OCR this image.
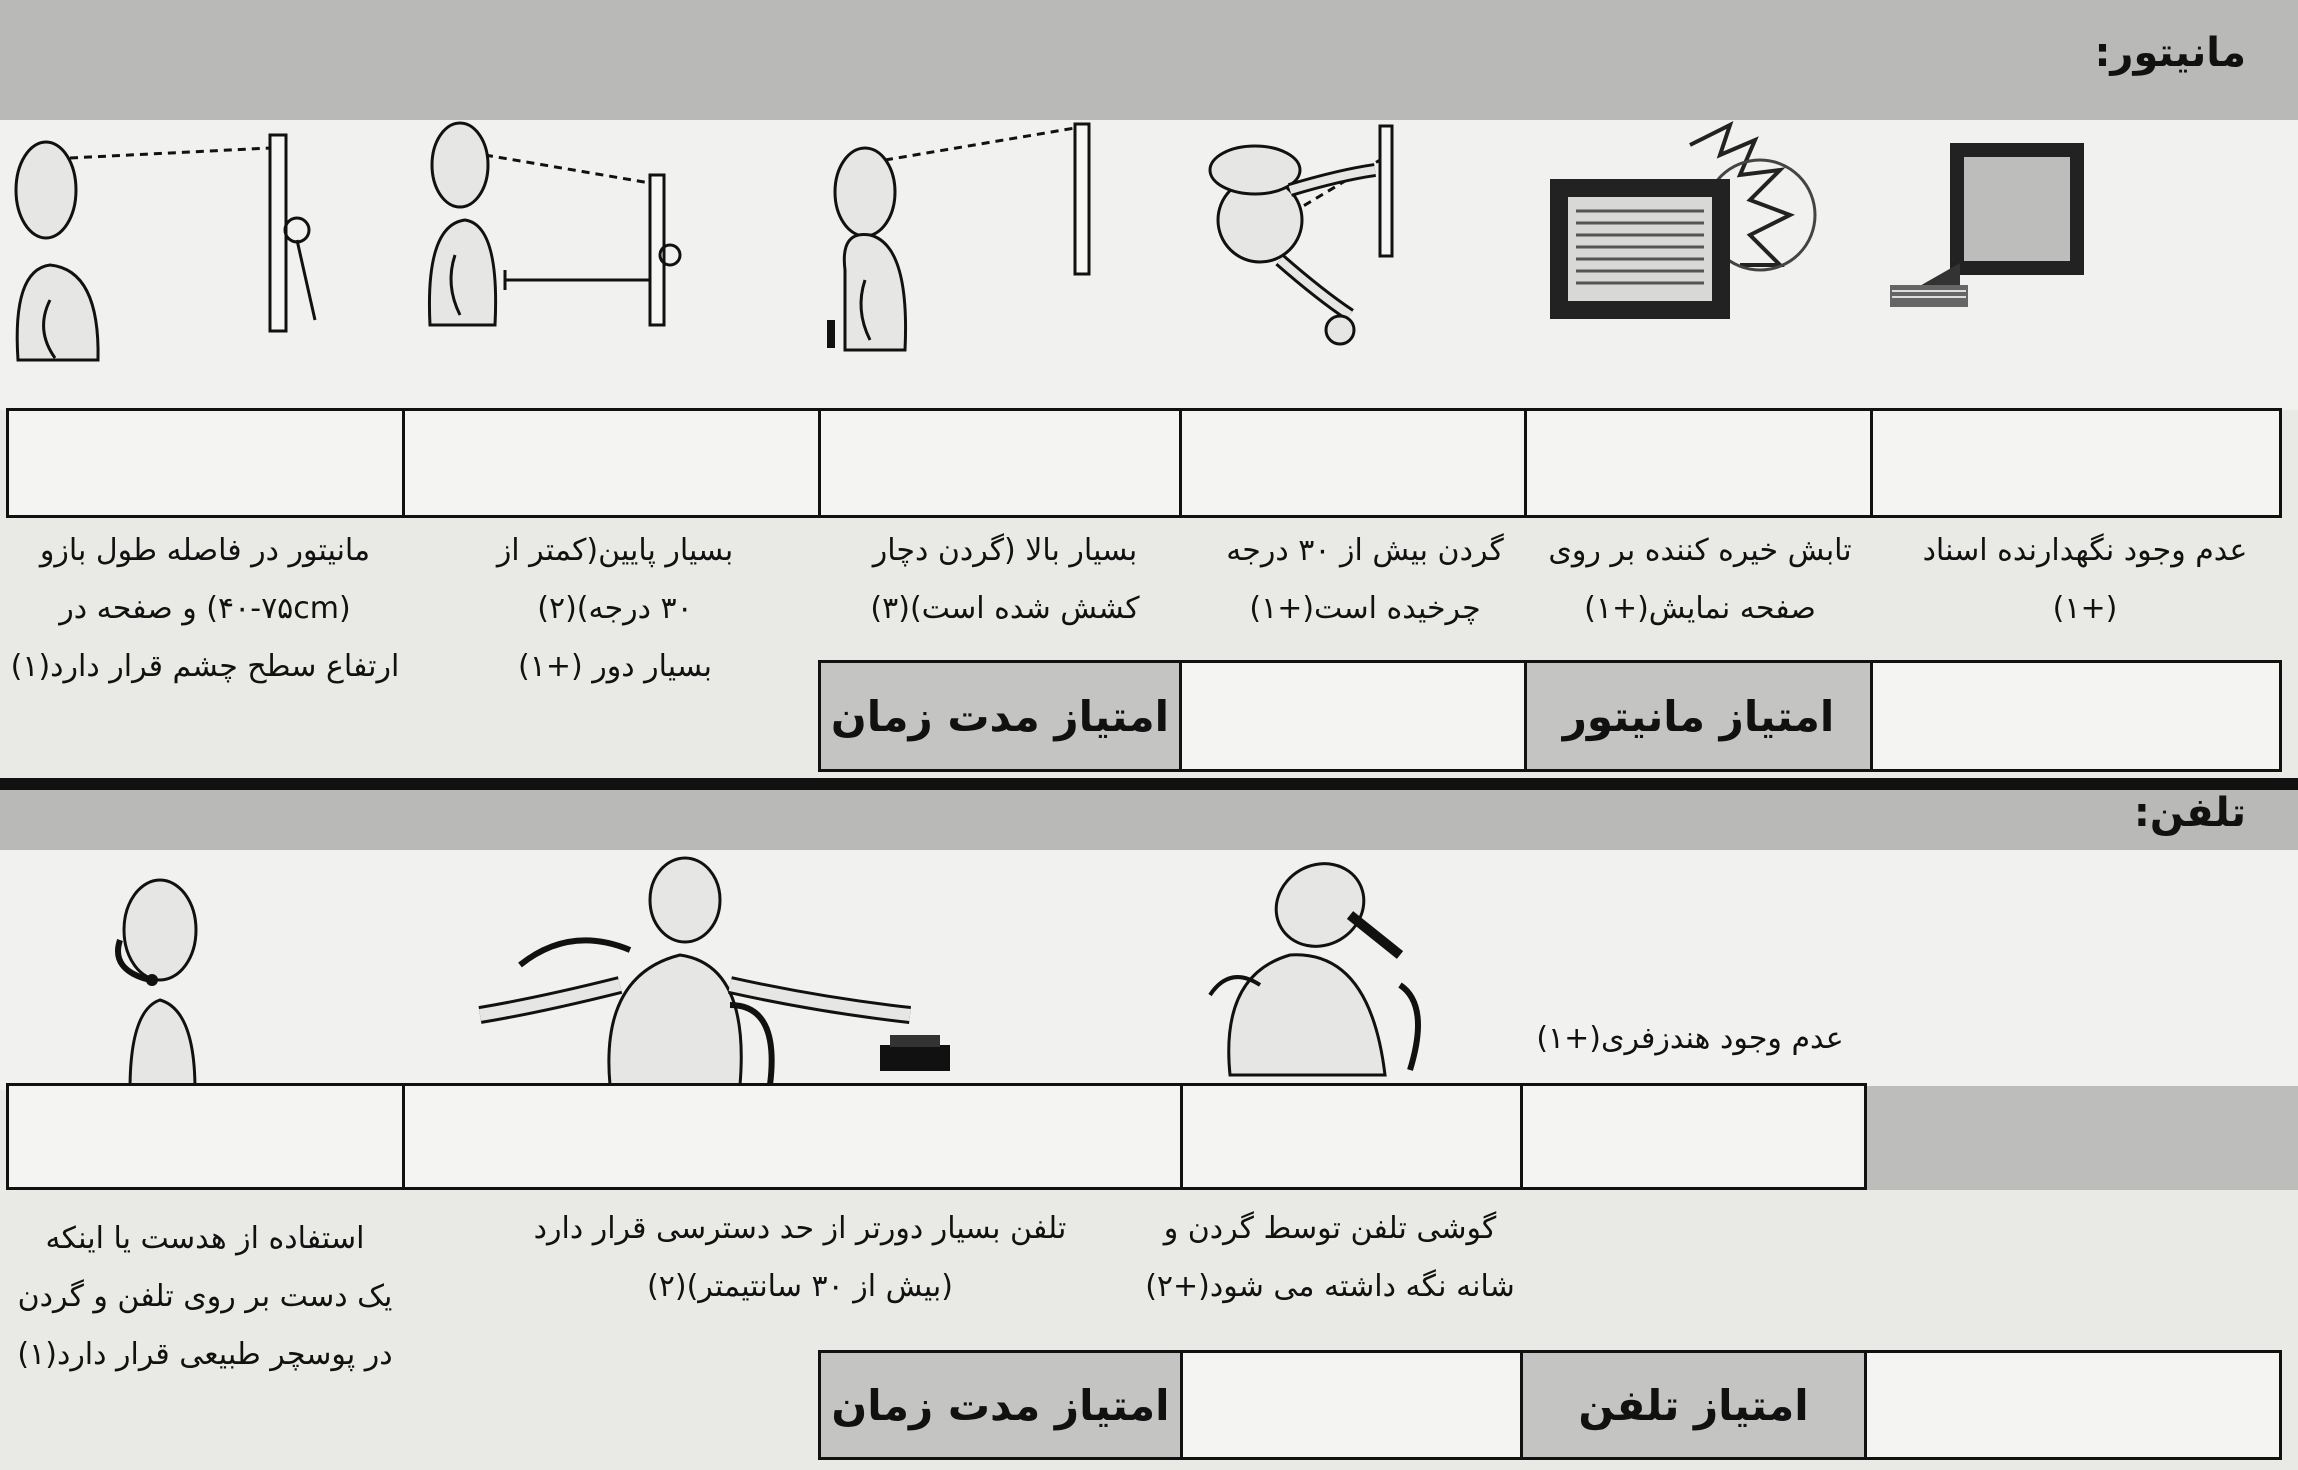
مانیتور:
عدم وجود نگهدارنده اسناد
(+۱)
تابش خیره کننده بر روی
صفحه نمایش(+۱)
گردن بیش از ۳۰ درجه
چرخیده است(+۱)
بسیار بالا (گردن دچار
کشش شده است)(۳)
بسیار پایین(کمتر از
۳۰ درجه)(۲)
بسیار دور (+۱)
مانیتور در فاصله طول بازو
(۴۰-۷۵cm) و صفحه در
ارتفاع سطح چشم قرار دارد(۱)
امتیاز مانیتور
امتیاز مدت زمان
تلفن:
عدم وجود هندزفری(+۱)
گوشی تلفن توسط گردن و
شانه نگه داشته می شود(+۲)
تلفن بسیار دورتر از حد دسترسی قرار دارد
(بیش از ۳۰ سانتیمتر)(۲)
استفاده از هدست یا اینکه
یک دست بر روی تلفن و گردن
در پوسچر طبیعی قرار دارد(۱)
امتیاز تلفن
امتیاز مدت زمان
